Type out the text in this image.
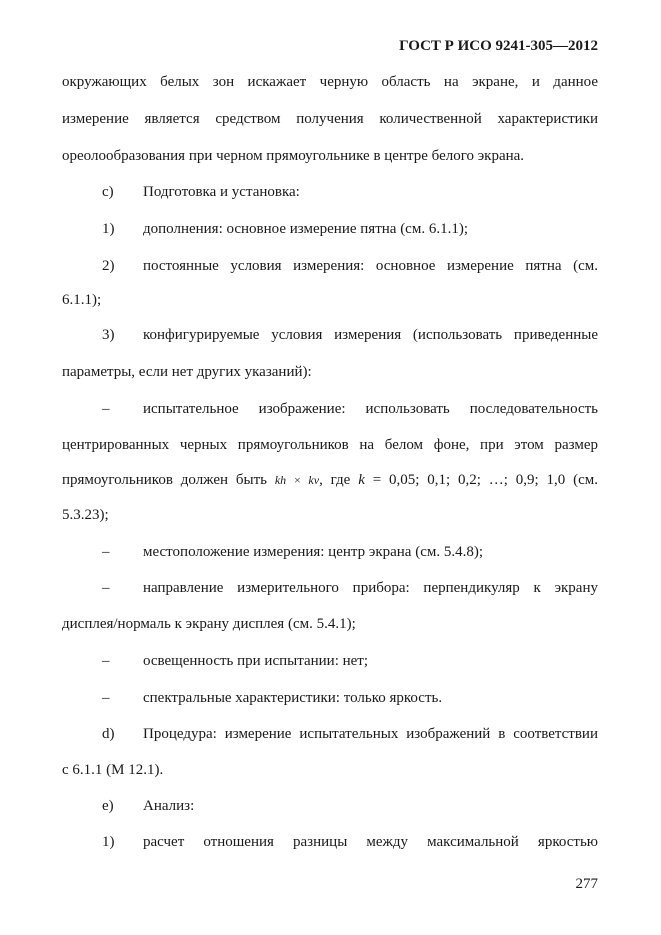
ГОСТ Р ИСО 9241-305—2012
окружающих белых зон искажает черную область на экране, и данное
измерение является средством получения количественной характеристики
ореолообразования при черном прямоугольнике в центре белого экрана.
c)	Подготовка и установка:
1)	дополнения: основное измерение пятна (см. 6.1.1);
2)	постоянные условия измерения: основное измерение пятна (см.
6.1.1);
3)	конфигурируемые условия измерения (использовать приведенные
параметры, если нет других указаний):
–	испытательное изображение: использовать последовательность
центрированных черных прямоугольников на белом фоне, при этом размер
прямоугольников должен быть kh × kv, где k = 0,05; 0,1; 0,2; …; 0,9; 1,0 (см.
5.3.23);
–	местоположение измерения: центр экрана (см. 5.4.8);
–	направление измерительного прибора: перпендикуляр к экрану
дисплея/нормаль к экрану дисплея (см. 5.4.1);
–	освещенность при испытании: нет;
–	спектральные характеристики: только яркость.
d)	Процедура: измерение испытательных изображений в соответствии
с 6.1.1 (M 12.1).
e)	Анализ:
1)	расчет отношения разницы между максимальной яркостью
277
